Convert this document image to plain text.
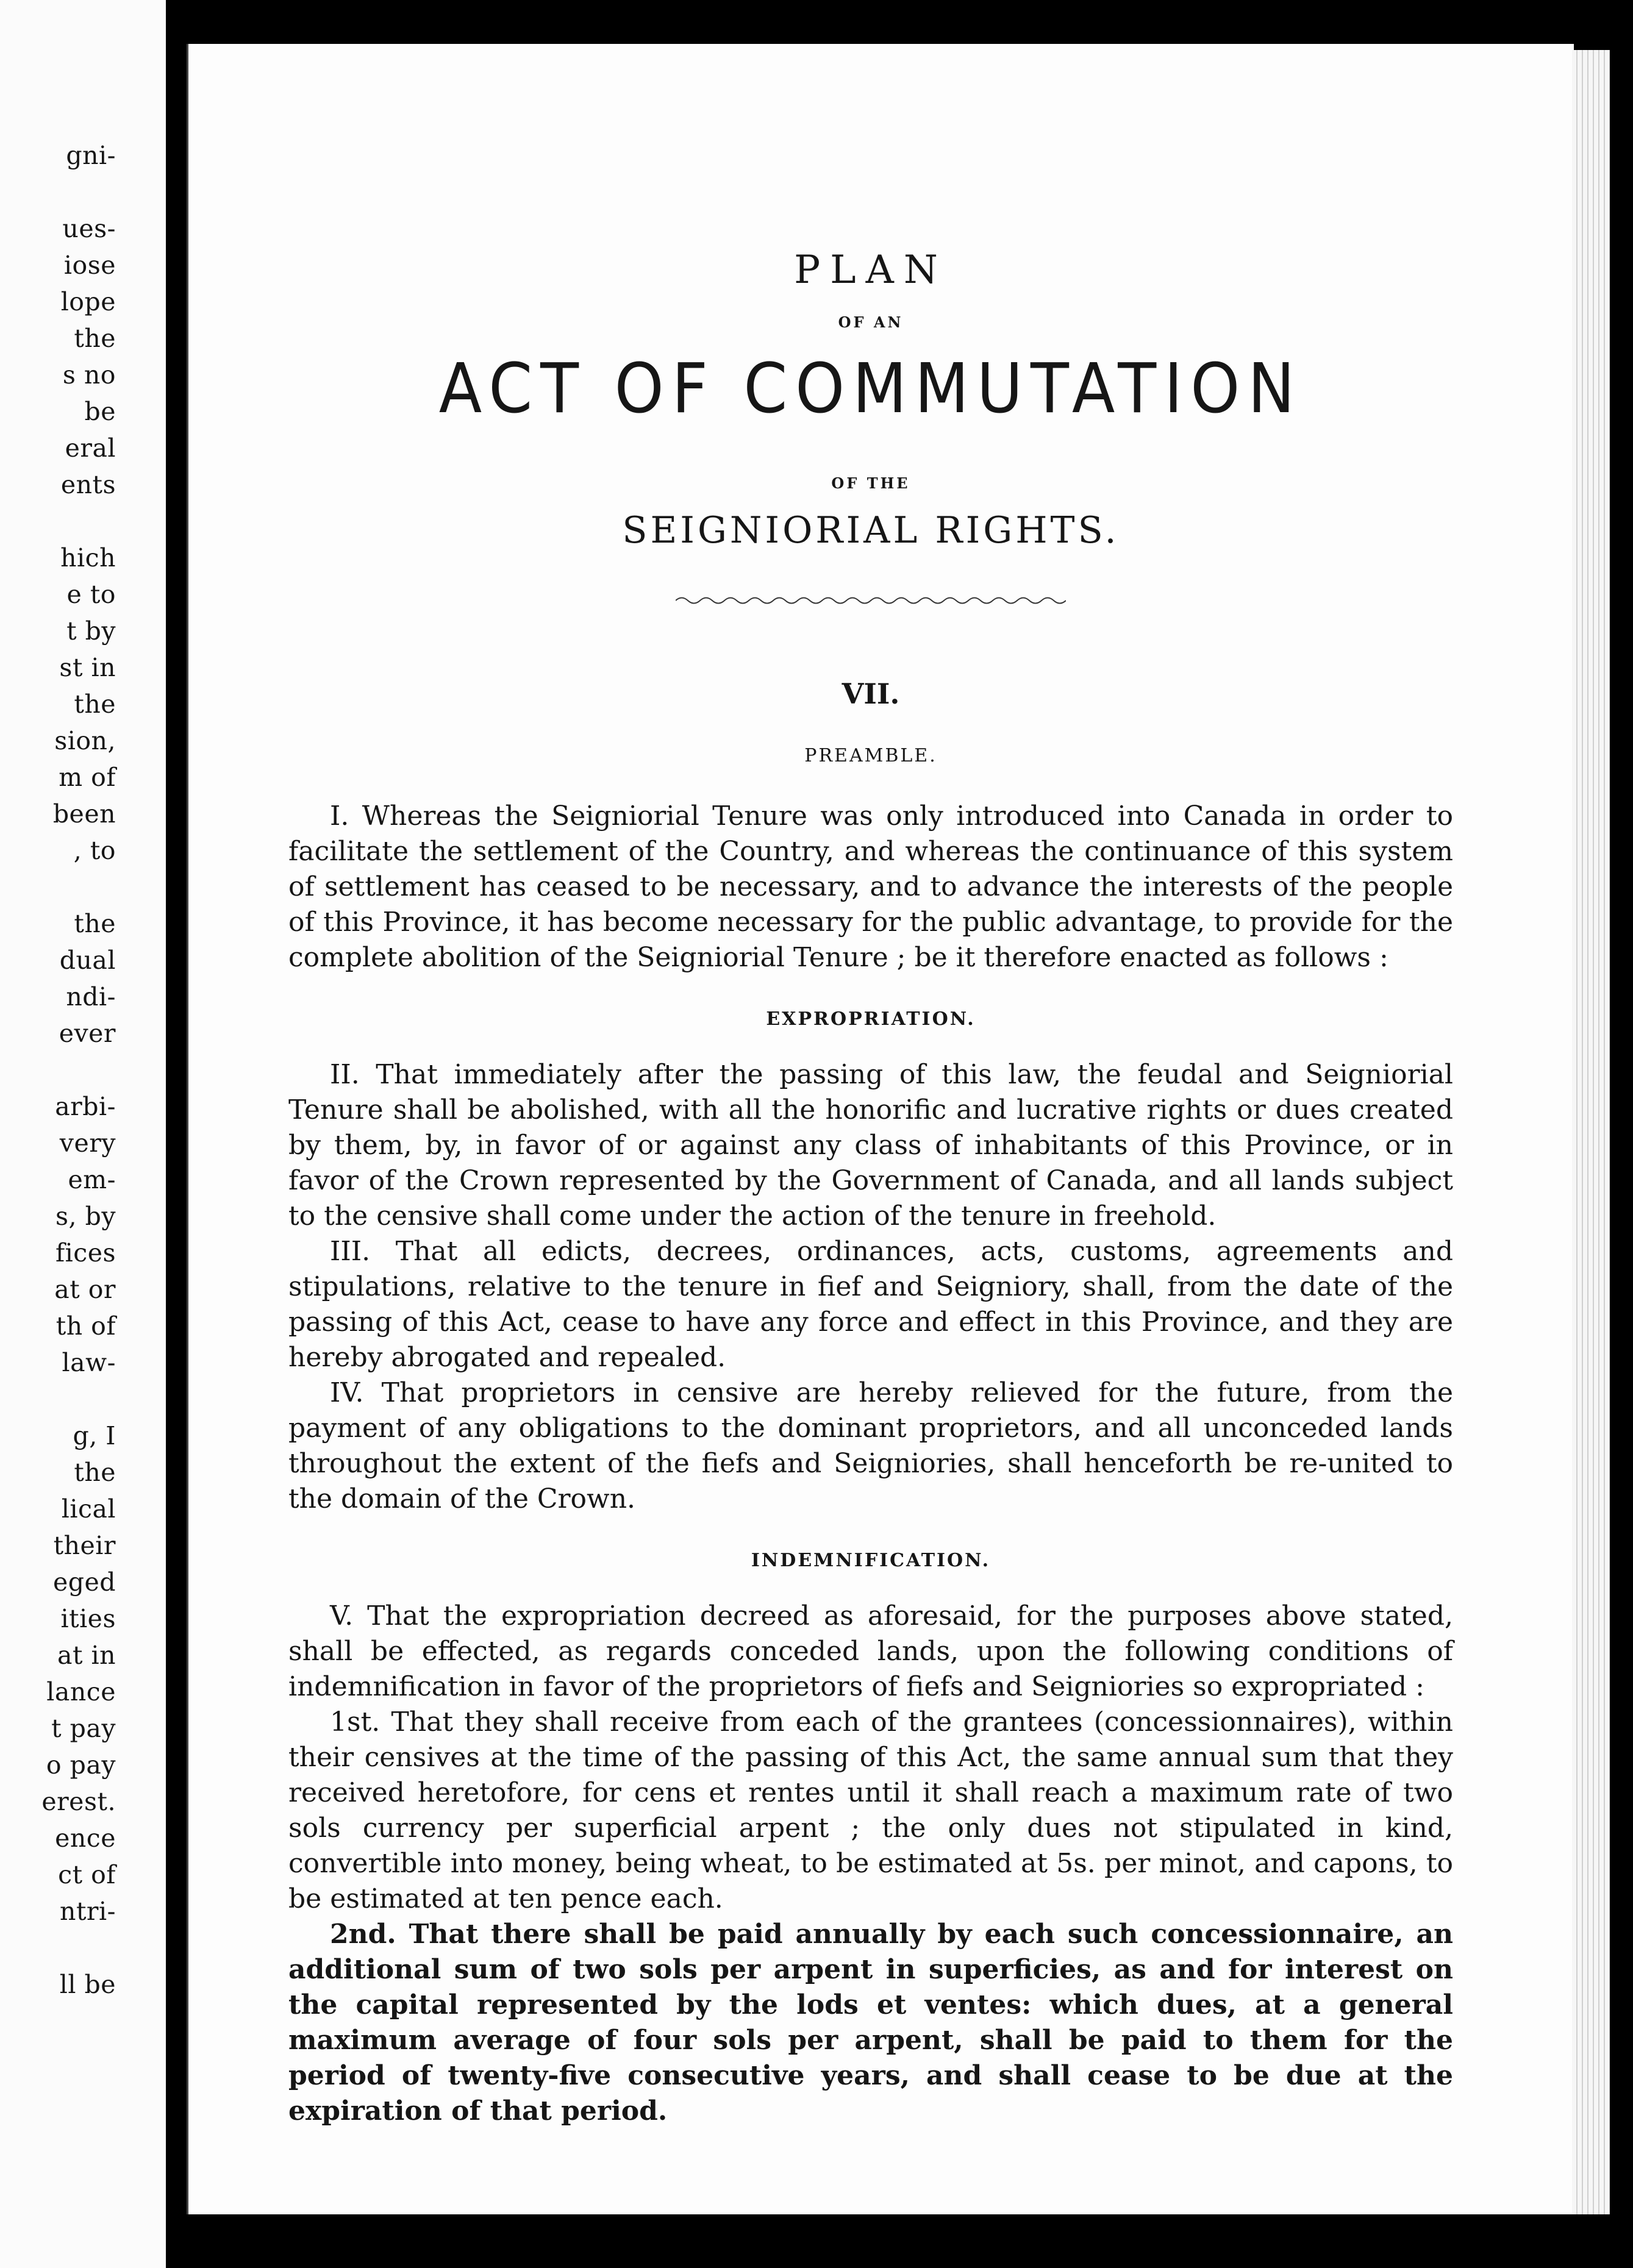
gni-
ues-
iose
lope
the
s no
be
eral
ents
hich
e to
t by
st in
the
sion,
m of
been
, to
the
dual
ndi-
ever
arbi-
very
em-
s, by
fices
at or
th of
law-
g, I
the
lical
their
eged
ities
at in
lance
t pay
o pay
erest.
ence
ct of
ntri-
ll be
PLAN
OF AN
ACT OF COMMUTATION
OF THE
SEIGNIORIAL RIGHTS.
VII.
PREAMBLE.

I. Whereas the Seigniorial Tenure was only introduced into Canada in order to facilitate the settlement of the Country, and whereas the continuance of this system of settlement has ceased to be necessary, and to advance the interests of the people of this Province, it has become necessary for the public advantage, to provide for the complete abolition of the Seigniorial Tenure ; be it therefore enacted as follows :

EXPROPRIATION.

II. That immediately after the passing of this law, the feudal and Seigniorial Tenure shall be abolished, with all the honorific and lucrative rights or dues created by them, by, in favor of or against any class of inhabitants of this Province, or in favor of the Crown represented by the Government of Canada, and all lands subject to the censive shall come under the action of the tenure in freehold.

III. That all edicts, decrees, ordinances, acts, customs, agreements and stipulations, relative to the tenure in fief and Seigniory, shall, from the date of the passing of this Act, cease to have any force and effect in this Province, and they are hereby abrogated and repealed.

IV. That proprietors in censive are hereby relieved for the future, from the payment of any obligations to the dominant proprietors, and all unconceded lands throughout the extent of the fiefs and Seigniories, shall henceforth be re-united to the domain of the Crown.

INDEMNIFICATION.

V. That the expropriation decreed as aforesaid, for the purposes above stated, shall be effected, as regards conceded lands, upon the following conditions of indemnification in favor of the proprietors of fiefs and Seigniories so expropriated :

1st. That they shall receive from each of the grantees (concessionnaires), within their censives at the time of the passing of this Act, the same annual sum that they received heretofore, for cens et rentes until it shall reach a maximum rate of two sols currency per superficial arpent ; the only dues not stipulated in kind, convertible into money, being wheat, to be estimated at 5s. per minot, and capons, to be estimated at ten pence each.

2nd. That there shall be paid annually by each such concessionnaire, an additional sum of two sols per arpent in superficies, as and for interest on the capital represented by the lods et ventes: which dues, at a general maximum average of four sols per arpent, shall be paid to them for the period of twenty-five consecutive years, and shall cease to be due at the expiration of that period.
